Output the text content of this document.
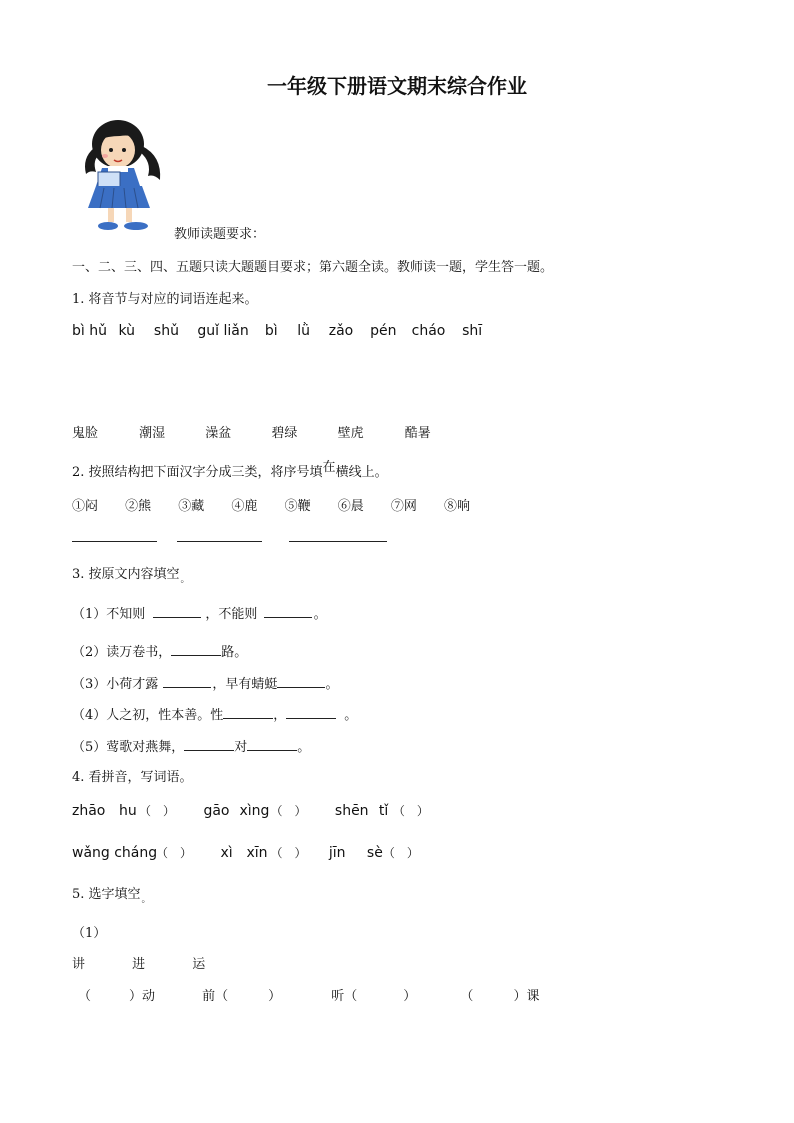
一年级下册语文期末综合作业
教师读题要求：
一、二、三、四、五题只读大题题目要求；第六题全读。教师读一题，学生答一题。
1. 将音节与对应的词语连起来。
bì hǔ kù shǔ guǐ liǎn bì lǜ zǎo pén cháo shī
鬼脸	潮湿	澡盆	碧绿	壁虎	酷暑
2. 按照结构把下面汉字分成三类，将序号填在横线上。
①闷 ②熊 ③藏 ④鹿 ⑤鞭 ⑥晨 ⑦网 ⑧响
3. 按原文内容填空$_。$
（1）不知则	，不能则	。
（2）读万卷书，	路。
（3）小荷才露	，早有蜻蜓	。
（4）人之初，性本善。性	，	。
（5）莺歌对燕舞，	对	。
4. 看拼音，写词语。
zhāo hu （　） gāo xìng（　） shēn tǐ （　）
wǎng cháng（　） xì xīn （　） jīn sè（　）
5. 选字填空$_。$
（1）
讲	进	运
（	）动	前（	）	听（	）	（	）课
